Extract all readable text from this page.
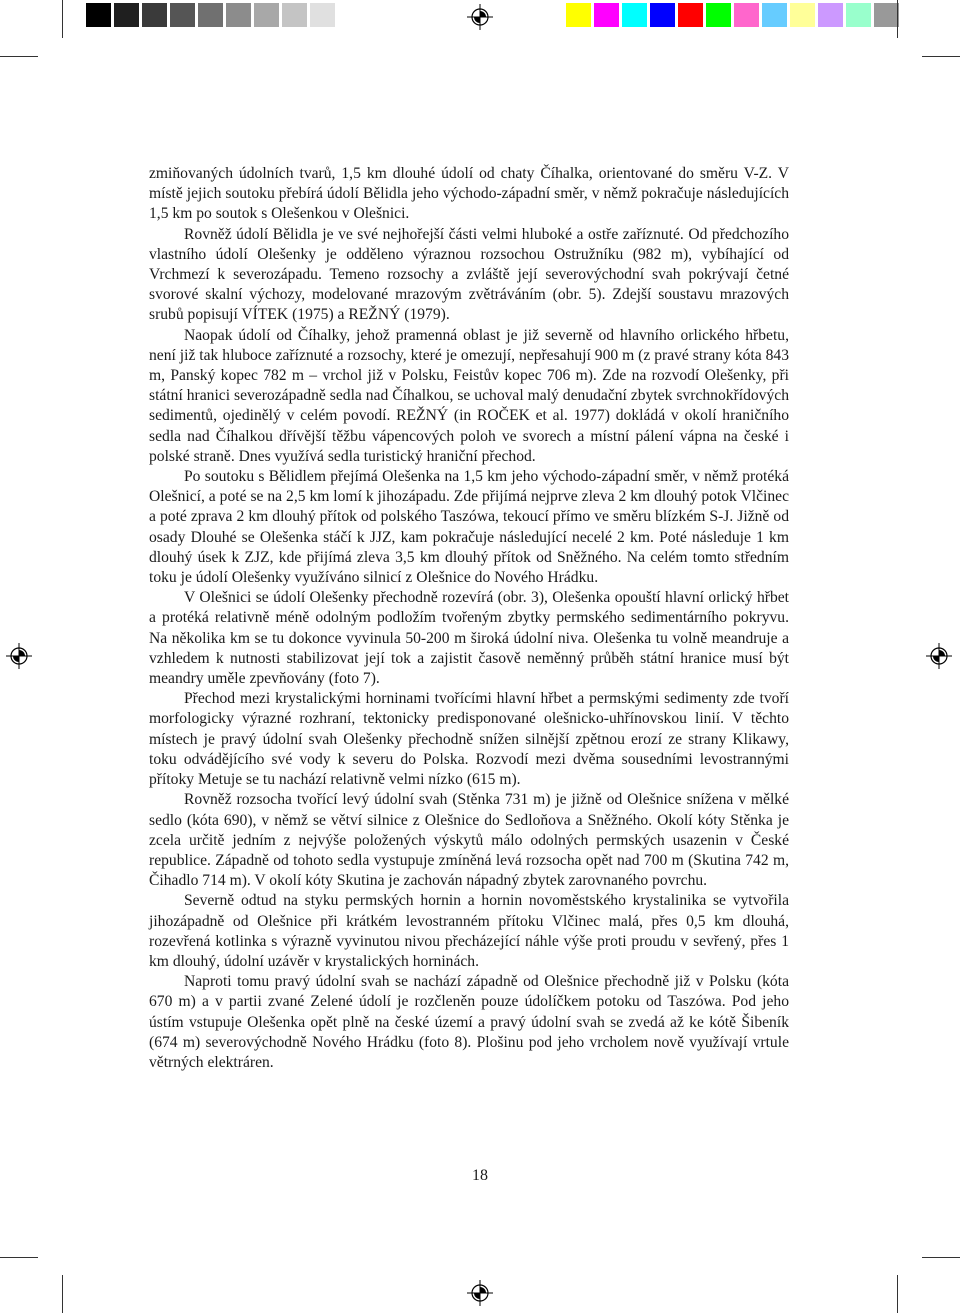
zmiňovaných údolních tvarů, 1,5 km dlouhé údolí od chaty Číhalka, orientované do směru V-Z. V místě jejich soutoku přebírá údolí Bělidla jeho východo-západní směr, v němž pokračuje následujících 1,5 km po soutok s Olešenkou v Olešnici.

Rovněž údolí Bělidla je ve své nejhořejší části velmi hluboké a ostře zaříznuté. Od předchozího vlastního údolí Olešenky je odděleno výraznou rozsochou Ostružníku (982 m), vybíhající od Vrchmezí k severozápadu. Temeno rozsochy a zvláště její severovýchodní svah pokrývají četné svorové skalní výchozy, modelované mrazovým zvětráváním (obr. 5). Zdejší soustavu mrazových srubů popisují VÍTEK (1975) a REŽNÝ (1979).

Naopak údolí od Číhalky, jehož pramenná oblast je již severně od hlavního orlického hřbetu, není již tak hluboce zaříznuté a rozsochy, které je omezují, nepřesahují 900 m (z pravé strany kóta 843 m, Panský kopec 782 m – vrchol již v Polsku, Feistův kopec 706 m). Zde na rozvodí Olešenky, při státní hranici severozápadně sedla nad Číhalkou, se uchoval malý denudační zbytek svrchnokřídových sedimentů, ojedinělý v celém povodí. REŽNÝ (in ROČEK et al. 1977) dokládá v okolí hraničního sedla nad Číhalkou dřívější těžbu vápencových poloh ve svorech a místní pálení vápna na české i polské straně. Dnes využívá sedla turistický hraniční přechod.

Po soutoku s Bělidlem přejímá Olešenka na 1,5 km jeho východo-západní směr, v němž protéká Olešnicí, a poté se na 2,5 km lomí k jihozápadu. Zde přijímá nejprve zleva 2 km dlouhý potok Vlčinec a poté zprava 2 km dlouhý přítok od polského Taszówa, tekoucí přímo ve směru blízkém S-J. Jižně od osady Dlouhé se Olešenka stáčí k JJZ, kam pokračuje následující necelé 2 km. Poté následuje 1 km dlouhý úsek k ZJZ, kde přijímá zleva 3,5 km dlouhý přítok od Sněžného. Na celém tomto středním toku je údolí Olešenky využíváno silnicí z Olešnice do Nového Hrádku.

V Olešnici se údolí Olešenky přechodně rozevírá (obr. 3), Olešenka opouští hlavní orlický hřbet a protéká relativně méně odolným podložím tvořeným zbytky permského sedimentárního pokryvu. Na několika km se tu dokonce vyvinula 50-200 m široká údolní niva. Olešenka tu volně meandruje a vzhledem k nutnosti stabilizovat její tok a zajistit časově neměnný průběh státní hranice musí být meandry uměle zpevňovány (foto 7).

Přechod mezi krystalickými horninami tvořícími hlavní hřbet a permskými sedimenty zde tvoří morfologicky výrazné rozhraní, tektonicky predisponované olešnicko-uhřínovskou linií. V těchto místech je pravý údolní svah Olešenky přechodně snížen silnější zpětnou erozí ze strany Klikawy, toku odvádějícího své vody k severu do Polska. Rozvodí mezi dvěma sousedními levostrannými přítoky Metuje se tu nachází relativně velmi nízko (615 m).

Rovněž rozsocha tvořící levý údolní svah (Stěnka 731 m) je jižně od Olešnice snížena v mělké sedlo (kóta 690), v němž se větví silnice z Olešnice do Sedloňova a Sněžného. Okolí kóty Stěnka je zcela určitě jedním z nejvýše položených výskytů málo odolných permských usazenin v České republice. Západně od tohoto sedla vystupuje zmíněná levá rozsocha opět nad 700 m (Skutina 742 m, Čihadlo 714 m). V okolí kóty Skutina je zachován nápadný zbytek zarovnaného povrchu.

Severně odtud na styku permských hornin a hornin novoměstského krystalinika se vytvořila jihozápadně od Olešnice při krátkém levostranném přítoku Vlčinec malá, přes 0,5 km dlouhá, rozevřená kotlinka s výrazně vyvinutou nivou přecházející náhle výše proti proudu v sevřený, přes 1 km dlouhý, údolní uzávěr v krystalických horninách.

Naproti tomu pravý údolní svah se nachází západně od Olešnice přechodně již v Polsku (kóta 670 m) a v partii zvané Zelené údolí je rozčleněn pouze údolíčkem potoku od Taszówa. Pod jeho ústím vstupuje Olešenka opět plně na české území a pravý údolní svah se zvedá až ke kótě Šibeník (674 m) severovýchodně Nového Hrádku (foto 8). Plošinu pod jeho vrcholem nově využívají vrtule větrných elektráren.

18
